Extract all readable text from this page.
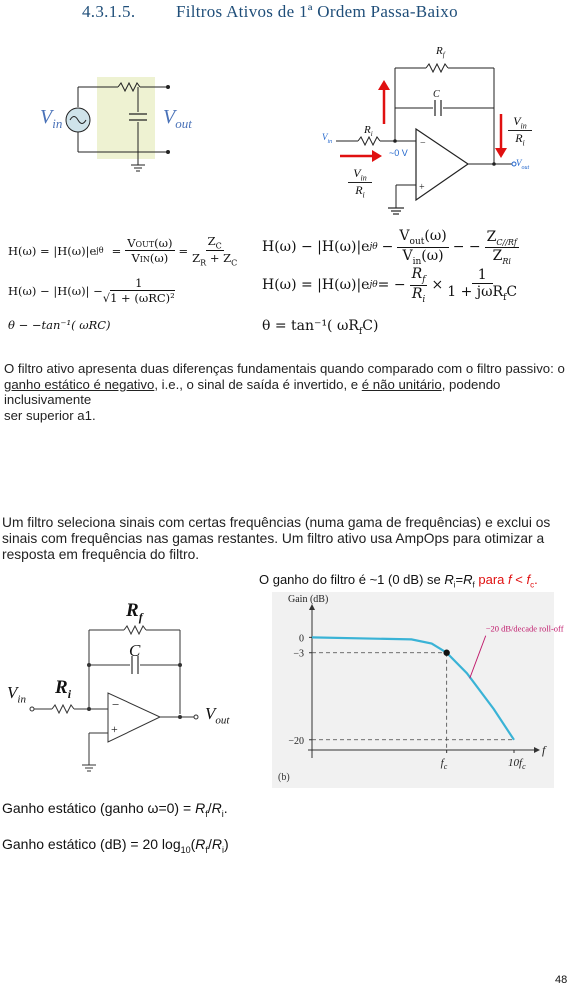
4.3.1.5. Filtros Ativos de 1ª Ordem Passa-Baixo
$V_{in}$	$V_{out}$
−
+
$R_f$
C
$R_i$
$V_{in}$
~0 V
$V_{out}$
$V_{in}$
$R_i$
$V_{in}$
$R_i$
H(ω) = |H(ω)|e jθ =
VOUT(ω)
VIN(ω)
= $\frac{Z_C}{Z_R + Z_C}$
H(ω) − |H(ω)| −
1
√1 + (ωRC)²
θ − −tan⁻¹( ωRC)
H(ω) − |H(ω)|e jθ −
$V_{out}(\omega)$
$V_{in}(\omega)$
− −
$Z_{C//Rf}$
$Z_{Ri}$
H(ω) = |H(ω)|e jθ = − $\frac{R_f}{R_i}$ ×
1
1 + jωR$_f$C
θ = tan⁻¹( $\omega R_fC$)
O filtro ativo apresenta duas diferenças fundamentais quando comparado com o filtro passivo: o
ganho estático é negativo, i.e., o sinal de saída é invertido, e é não unitário, podendo inclusivamente
ser superior a1.
Um filtro seleciona sinais com certas frequências (numa gama de frequências) e exclui os
sinais com frequências nas gamas restantes. Um filtro ativo usa AmpOps para otimizar a
resposta em frequência do filtro.
O ganho do filtro é ~1 (0 dB) se $R_i=R_f$ para $f < f_c$.
$R_f$
C
$R_i$
$V_{in}$
$V_{out}$
−
+
Gain (dB)
f
0
−3
−20
$f_c$	$10f_c$
−20 dB/decade roll-off
(b)
Ganho estático (ganho $\omega=0) = R_f/R_i$.
Ganho estático (dB) = 20 $\log_{10}(R_f/R_i)$
48
